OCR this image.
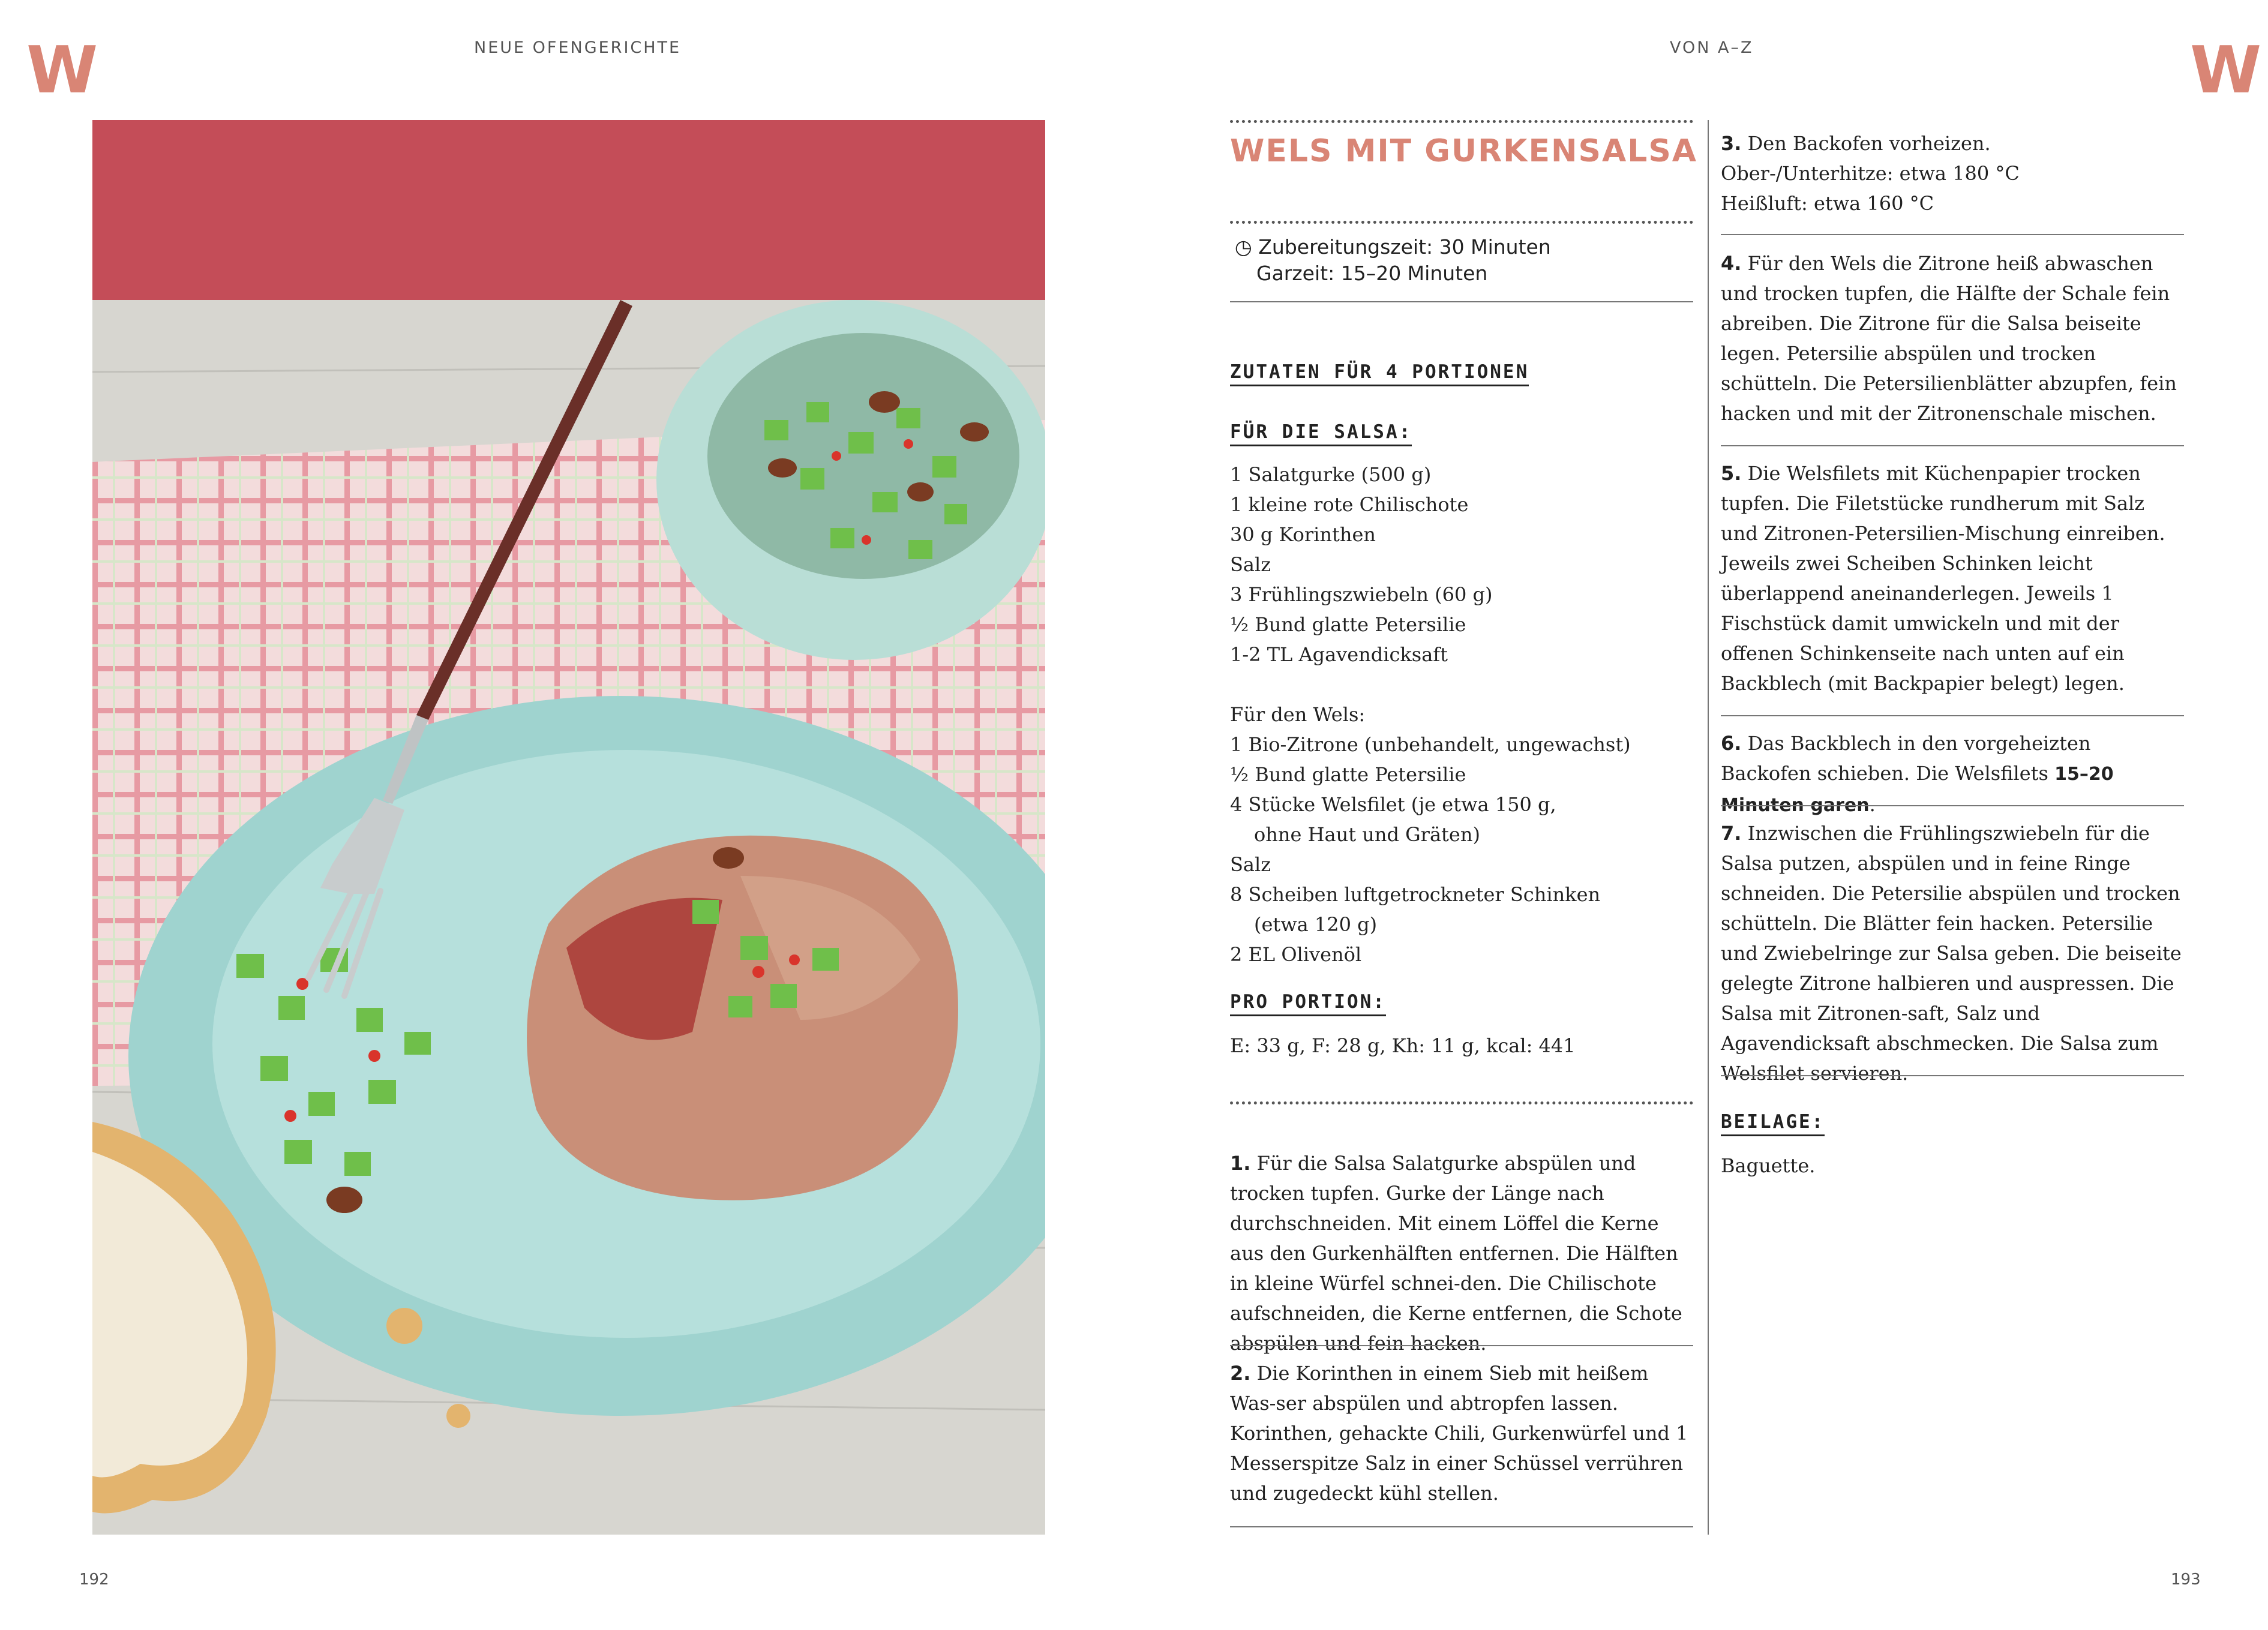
W	W
NEUE OFENGERICHTE	VON A–Z
WELS MIT GURKENSALSA
◷ Zubereitungszeit: 30 Minuten
Garzeit: 15–20 Minuten
ZUTATEN FÜR 4 PORTIONEN
FÜR DIE SALSA:

1 Salatgurke (500 g)

1 kleine rote Chilischote

30 g Korinthen

Salz

3 Frühlingszwiebeln (60 g)

½ Bund glatte Petersilie

1-2 TL Agavendicksaft

Für den Wels:

1 Bio-Zitrone (unbehandelt, ungewachst)

½ Bund glatte Petersilie

4 Stücke Welsfilet (je etwa 150 g,

ohne Haut und Gräten)

Salz

8 Scheiben luftgetrockneter Schinken

(etwa 120 g)

2 EL Olivenöl

PRO PORTION:
E: 33 g, F: 28 g, Kh: 11 g, kcal: 441

1. Für die Salsa Salatgurke abspülen und trocken tupfen. Gurke der Länge nach durchschneiden. Mit einem Löffel die Kerne aus den Gurkenhälften entfernen. Die Hälften in kleine Würfel schnei-den. Die Chilischote aufschneiden, die Kerne entfernen, die Schote abspülen und fein hacken.

2. Die Korinthen in einem Sieb mit heißem Was-ser abspülen und abtropfen lassen. Korinthen, gehackte Chili, Gurkenwürfel und 1 Messerspitze Salz in einer Schüssel verrühren und zugedeckt kühl stellen.

3. Den Backofen vorheizen.

Ober-/Unterhitze: etwa 180 °C

Heißluft: etwa 160 °C

4. Für den Wels die Zitrone heiß abwaschen und trocken tupfen, die Hälfte der Schale fein abreiben. Die Zitrone für die Salsa beiseite legen. Petersilie abspülen und trocken schütteln. Die Petersilienblätter abzupfen, fein hacken und mit der Zitronenschale mischen.

5. Die Welsfilets mit Küchenpapier trocken tupfen. Die Filetstücke rundherum mit Salz und Zitronen-Petersilien-Mischung einreiben. Jeweils zwei Scheiben Schinken leicht überlappend aneinanderlegen. Jeweils 1 Fischstück damit umwickeln und mit der offenen Schinkenseite nach unten auf ein Backblech (mit Backpapier belegt) legen.

6. Das Backblech in den vorgeheizten Backofen schieben. Die Welsfilets 15–20 Minuten garen.

7. Inzwischen die Frühlingszwiebeln für die Salsa putzen, abspülen und in feine Ringe schneiden. Die Petersilie abspülen und trocken schütteln. Die Blätter fein hacken. Petersilie und Zwiebelringe zur Salsa geben. Die beiseite gelegte Zitrone halbieren und auspressen. Die Salsa mit Zitronen-saft, Salz und Agavendicksaft abschmecken. Die Salsa zum Welsfilet servieren.

BEILAGE:
Baguette.
192	193
